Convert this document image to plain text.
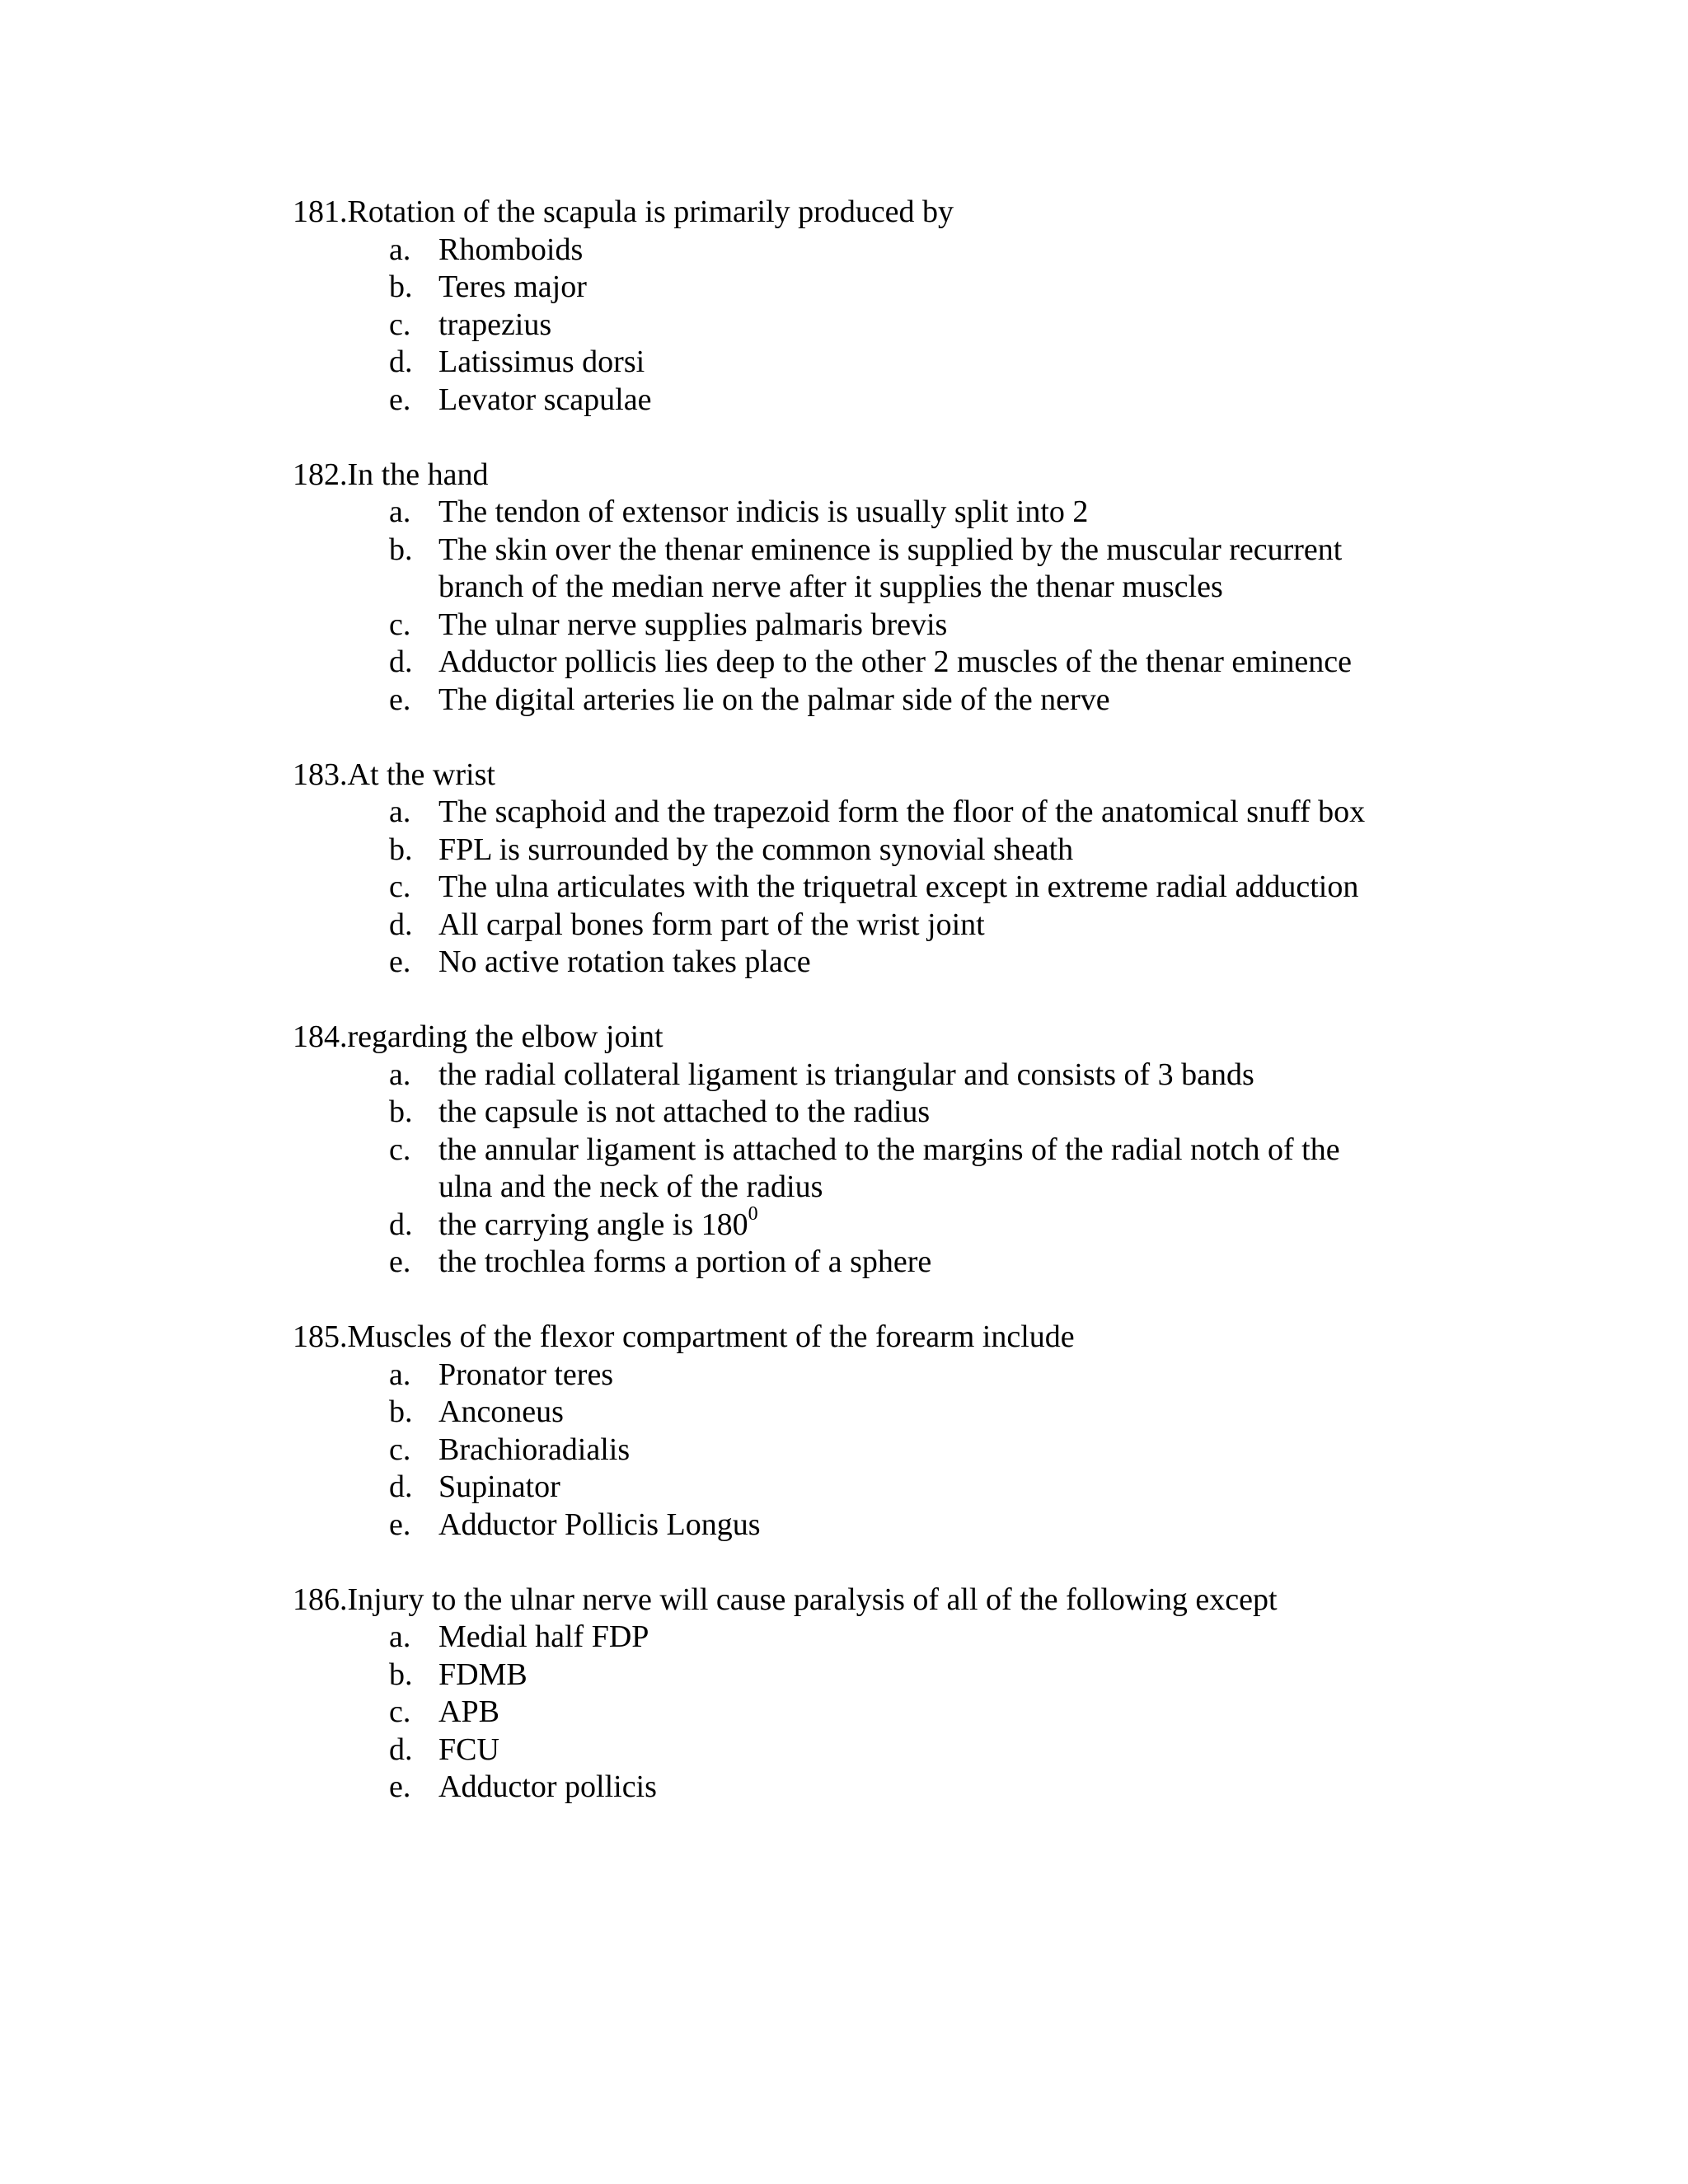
181.Rotation of the scapula is primarily produced by

a. Rhomboids
b. Teres major
c. trapezius
d. Latissimus dorsi
e. Levator scapulae

182.In the hand

a. The tendon of extensor indicis is usually split into 2
b. The skin over the thenar eminence is supplied by the muscular recurrent branch of the median nerve after it supplies the thenar muscles
c. The ulnar nerve supplies palmaris brevis
d. Adductor pollicis lies deep to the other 2 muscles of the thenar eminence
e. The digital arteries lie on the palmar side of the nerve

183.At the wrist

a. The scaphoid and the trapezoid form the floor of the anatomical snuff box
b. FPL is surrounded by the common synovial sheath
c. The ulna articulates with the triquetral except in extreme radial adduction
d. All carpal bones form part of the wrist joint
e. No active rotation takes place

184.regarding the elbow joint

a. the radial collateral ligament is triangular and consists of 3 bands
b. the capsule is not attached to the radius
c. the annular ligament is attached to the margins of the radial notch of the ulna and the neck of the radius
d. the carrying angle is $180^0$
e. the trochlea forms a portion of a sphere

185.Muscles of the flexor compartment of the forearm include

a. Pronator teres
b. Anconeus
c. Brachioradialis
d. Supinator
e. Adductor Pollicis Longus

186.Injury to the ulnar nerve will cause paralysis of all of the following except

a. Medial half FDP
b. FDMB
c. APB
d. FCU
e. Adductor pollicis
